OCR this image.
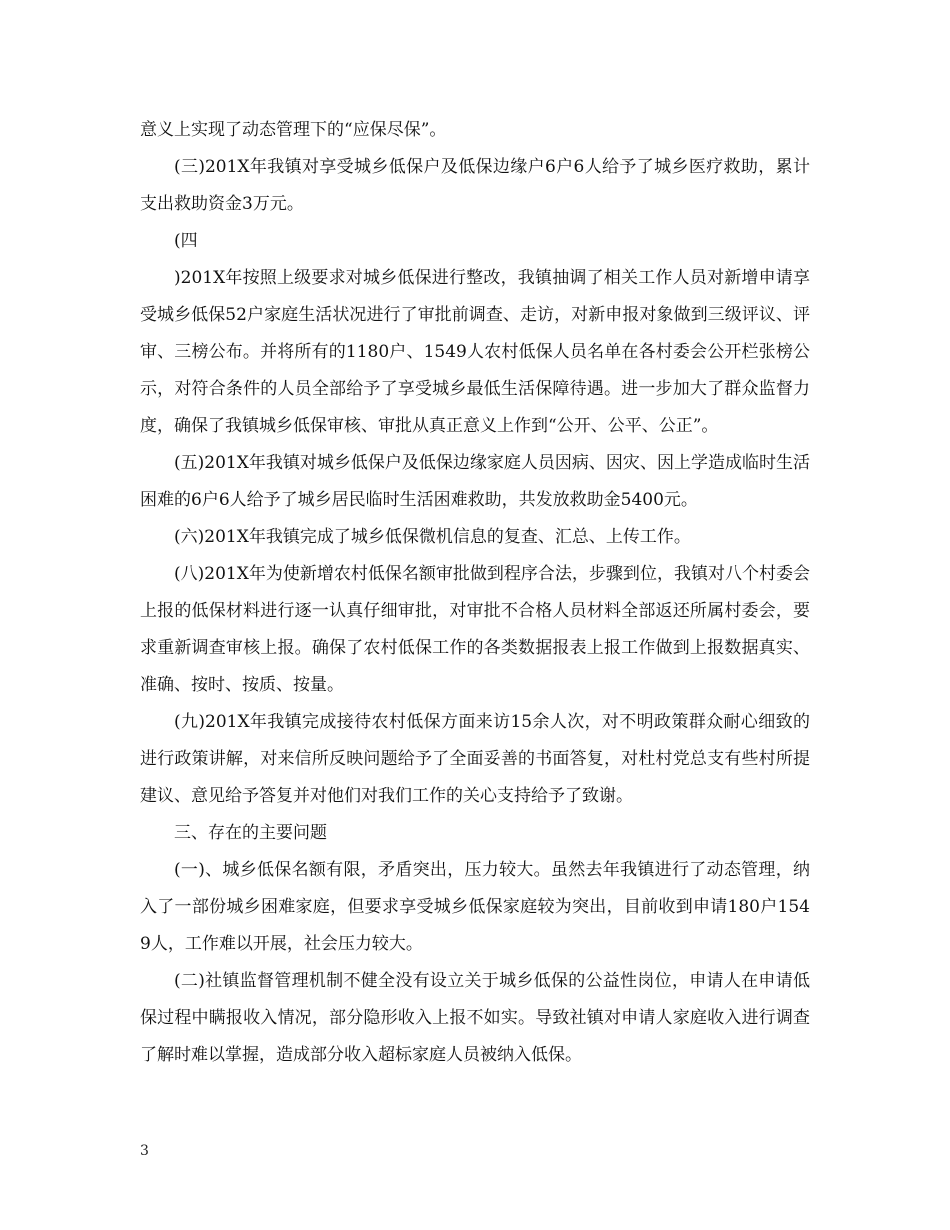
意义上实现了动态管理下的“应保尽保”。

(三)201X年我镇对享受城乡低保户及低保边缘户6户6人给予了城乡医疗救助，累计支出救助资金3万元。

(四

)201X年按照上级要求对城乡低保进行整改，我镇抽调了相关工作人员对新增申请享受城乡低保52户家庭生活状况进行了审批前调查、走访，对新申报对象做到三级评议、评审、三榜公布。并将所有的1180户、1549人农村低保人员名单在各村委会公开栏张榜公示，对符合条件的人员全部给予了享受城乡最低生活保障待遇。进一步加大了群众监督力度，确保了我镇城乡低保审核、审批从真正意义上作到“公开、公平、公正”。

(五)201X年我镇对城乡低保户及低保边缘家庭人员因病、因灾、因上学造成临时生活困难的6户6人给予了城乡居民临时生活困难救助，共发放救助金5400元。

(六)201X年我镇完成了城乡低保微机信息的复查、汇总、上传工作。

(八)201X年为使新增农村低保名额审批做到程序合法，步骤到位，我镇对八个村委会上报的低保材料进行逐一认真仔细审批，对审批不合格人员材料全部返还所属村委会，要求重新调查审核上报。确保了农村低保工作的各类数据报表上报工作做到上报数据真实、准确、按时、按质、按量。

(九)201X年我镇完成接待农村低保方面来访15余人次，对不明政策群众耐心细致的进行政策讲解，对来信所反映问题给予了全面妥善的书面答复，对杜村党总支有些村所提建议、意见给予答复并对他们对我们工作的关心支持给予了致谢。

三、存在的主要问题

(一)、城乡低保名额有限，矛盾突出，压力较大。虽然去年我镇进行了动态管理，纳入了一部份城乡困难家庭，但要求享受城乡低保家庭较为突出，目前收到申请180户1549人，工作难以开展，社会压力较大。

(二)社镇监督管理机制不健全没有设立关于城乡低保的公益性岗位，申请人在申请低保过程中瞒报收入情况，部分隐形收入上报不如实。导致社镇对申请人家庭收入进行调查了解时难以掌握，造成部分收入超标家庭人员被纳入低保。

3
